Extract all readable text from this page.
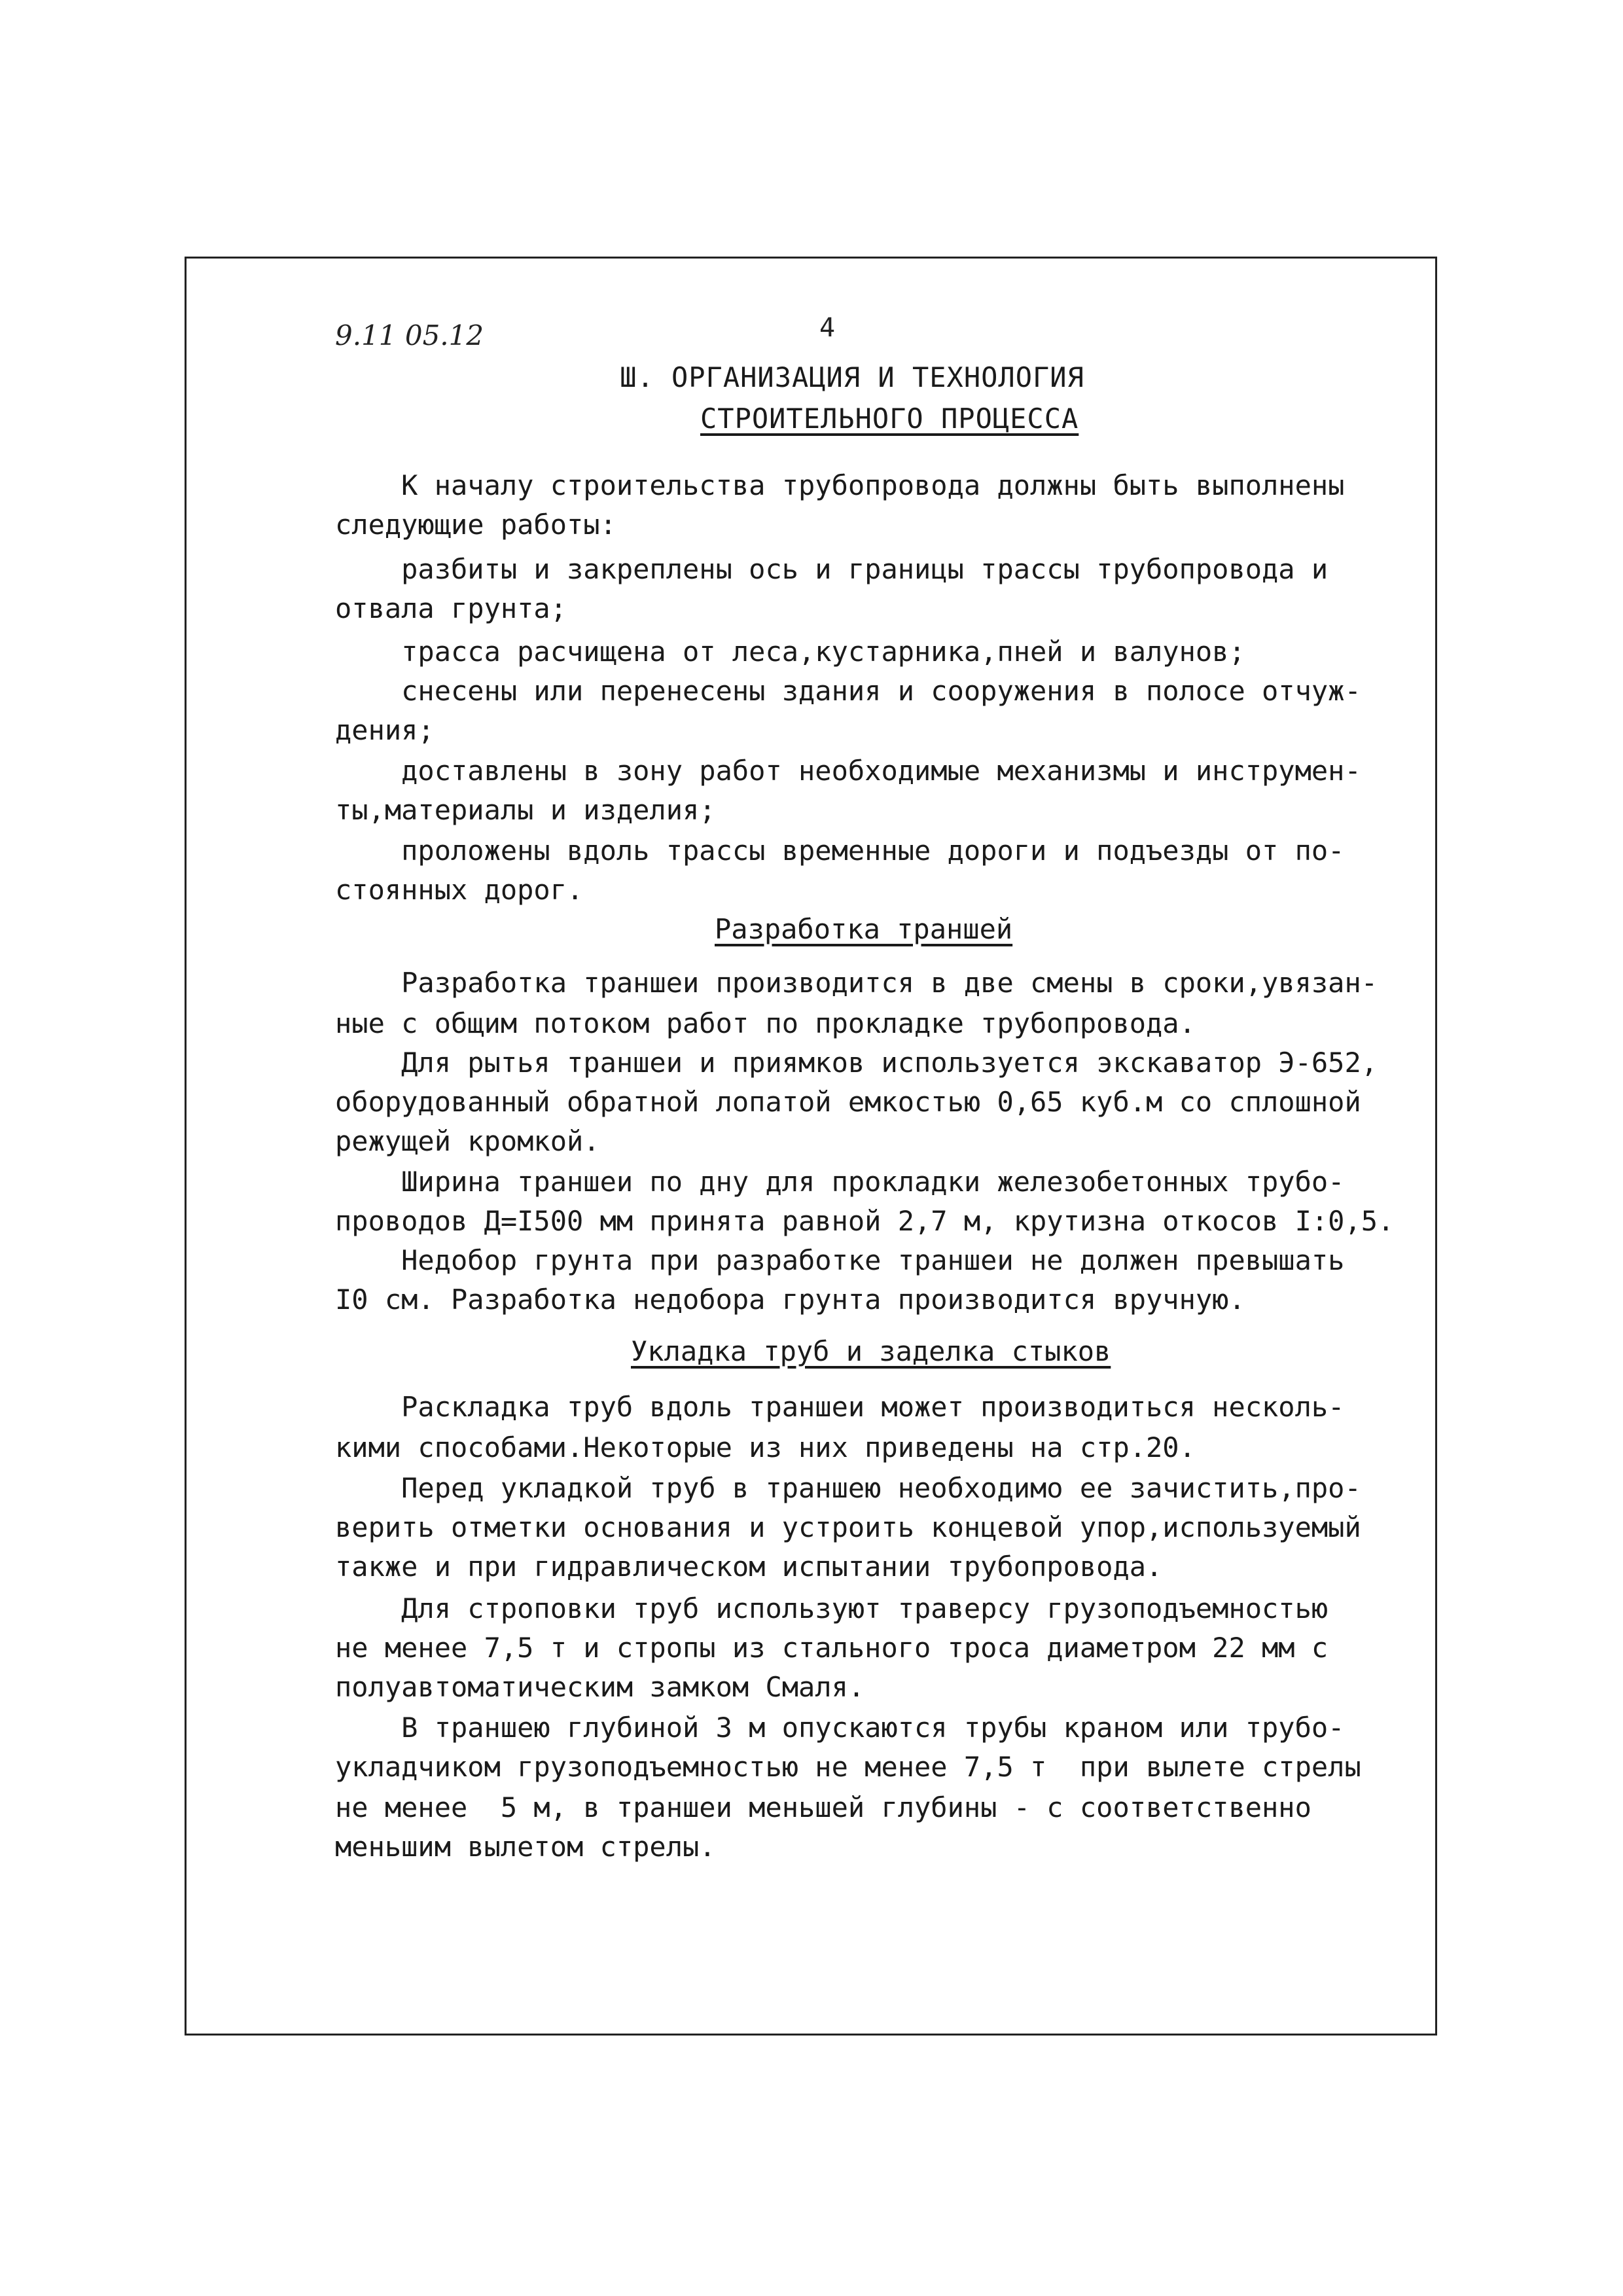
9.11 05.12	4
Ш. ОРГАНИЗАЦИЯ И ТЕХНОЛОГИЯ
СТРОИТЕЛЬНОГО ПРОЦЕССА
К началу строительства трубопровода должны быть выполнены
следующие работы:
разбиты и закреплены ось и границы трассы трубопровода и
отвала грунта;
трасса расчищена от леса,кустарника,пней и валунов;
снесены или перенесены здания и сооружения в полосе отчуж-
дения;
доставлены в зону работ необходимые механизмы и инструмен-
ты,материалы и изделия;
проложены вдоль трассы временные дороги и подъезды от по-
стоянных дорог.
Разработка траншей
Разработка траншеи производится в две смены в сроки,увязан-
ные с общим потоком работ по прокладке трубопровода.
Для рытья траншеи и приямков используется экскаватор Э-652,
оборудованный обратной лопатой емкостью 0,65 куб.м со сплошной
режущей кромкой.
Ширина траншеи по дну для прокладки железобетонных трубо-
проводов Д=I500 мм принята равной 2,7 м, крутизна откосов I:0,5.
Недобор грунта при разработке траншеи не должен превышать
I0 см. Разработка недобора грунта производится вручную.
Укладка труб и заделка стыков
Раскладка труб вдоль траншеи может производиться несколь-
кими способами.Некоторые из них приведены на стр.20.
Перед укладкой труб в траншею необходимо ее зачистить,про-
верить отметки основания и устроить концевой упор,используемый
также и при гидравлическом испытании трубопровода.
Для строповки труб используют траверсу грузоподъемностью
не менее 7,5 т и стропы из стального троса диаметром 22 мм с
полуавтоматическим замком Смаля.
В траншею глубиной 3 м опускаются трубы краном или трубо-
укладчиком грузоподъемностью не менее 7,5 т  при вылете стрелы
не менее  5 м, в траншеи меньшей глубины - с соответственно
меньшим вылетом стрелы.
